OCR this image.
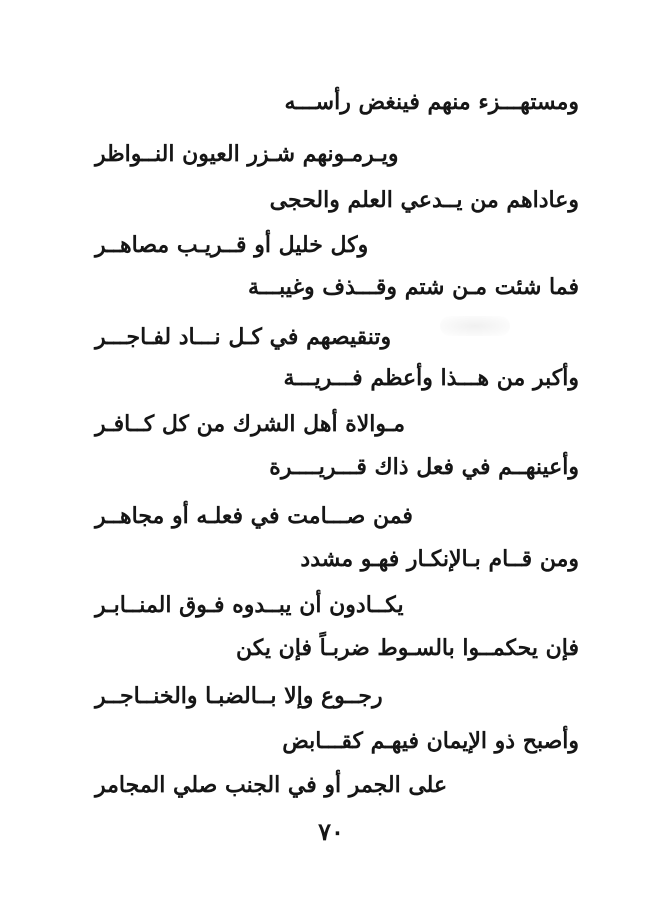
ومستهـــزء منهم فينغض رأســـه
ويـرمـونهم شـزر العيون النــواظر
وعاداهم من يــدعي العلم والحجى
وكل خليل أو قــريـب مصاهــر
فما شئت مـن شتم وقـــذف وغيبـــة
وتنقيصهم في كـل نـــاد لفـاجـــر
وأكبر من هـــذا وأعظم فـــريـــة
مـوالاة أهل الشرك من كل كــافـر
وأعينهــم في فعل ذاك قـــريــــرة
فمن صـــامت في فعلـه أو مجاهــر
ومن قــام بـالإنكـار فهـو مشدد
يكــادون أن يبــدوه فـوق المنــابـر
فإن يحكمــوا بالسـوط ضربـاً فإن يكن
رجــوع وإلا بــالضبـا والخنــاجــر
وأصبح ذو الإيمان فيهـم كقـــابض
على الجمر أو في الجنب صلي المجامر
٧٠
